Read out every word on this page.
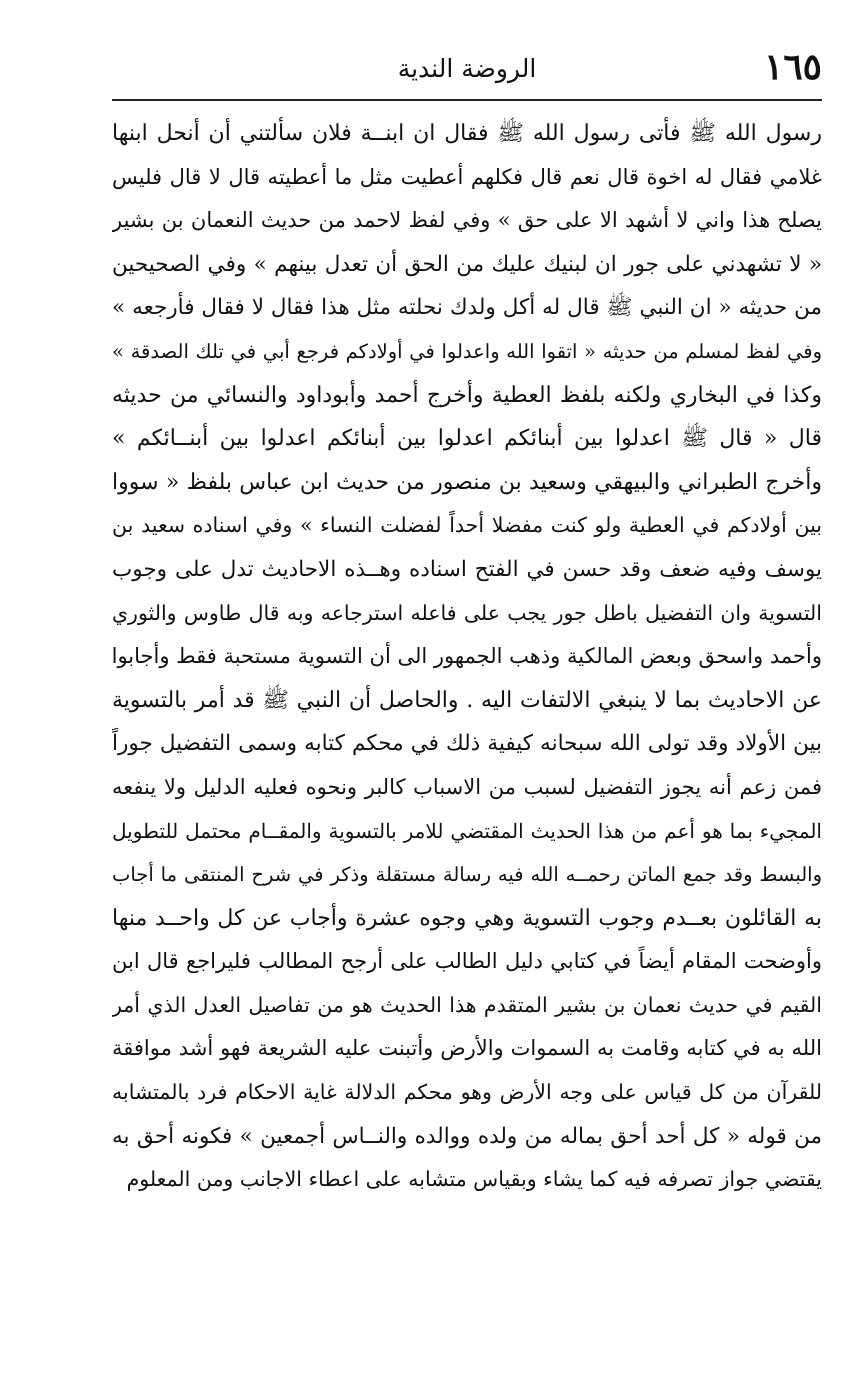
١٦٥
الروضة الندية
رسول الله ﷺ فأتى رسول الله ﷺ فقال ان ابنــة فلان سألتني أن أنحل ابنها
غلامي فقال له اخوة قال نعم قال فكلهم أعطيت مثل ما أعطيته قال لا قال فليس
يصلح هذا واني لا أشهد الا على حق » وفي لفظ لاحمد من حديث النعمان بن بشير
« لا تشهدني على جور ان لبنيك عليك من الحق أن تعدل بينهم » وفي الصحيحين
من حديثه « ان النبي ﷺ قال له أكل ولدك نحلته مثل هذا فقال لا فقال فأرجعه »
وفي لفظ لمسلم من حديثه « اتقوا الله واعدلوا في أولادكم فرجع أبي في تلك الصدقة »
وكذا في البخاري ولكنه بلفظ العطية وأخرج أحمد وأبوداود والنسائي من حديثه
قال « قال ﷺ اعدلوا بين أبنائكم اعدلوا بين أبنائكم اعدلوا بين أبنــائكم »
وأخرج الطبراني والبيهقي وسعيد بن منصور من حديث ابن عباس بلفظ « سووا
بين أولادكم في العطية ولو كنت مفضلا أحداً لفضلت النساء » وفي اسناده سعيد بن
يوسف وفيه ضعف وقد حسن في الفتح اسناده وهــذه الاحاديث تدل على وجوب
التسوية وان التفضيل باطل جور يجب على فاعله استرجاعه وبه قال طاوس والثوري
وأحمد واسحق وبعض المالكية وذهب الجمهور الى أن التسوية مستحبة فقط وأجابوا
عن الاحاديث بما لا ينبغي الالتفات اليه . والحاصل أن النبي ﷺ قد أمر بالتسوية
بين الأولاد وقد تولى الله سبحانه كيفية ذلك في محكم كتابه وسمى التفضيل جوراً
فمن زعم أنه يجوز التفضيل لسبب من الاسباب كالبر ونحوه فعليه الدليل ولا ينفعه
المجيء بما هو أعم من هذا الحديث المقتضي للامر بالتسوية والمقــام محتمل للتطويل
والبسط وقد جمع الماتن رحمــه الله فيه رسالة مستقلة وذكر في شرح المنتقى ما أجاب
به القائلون بعــدم وجوب التسوية وهي وجوه عشرة وأجاب عن كل واحــد منها
وأوضحت المقام أيضاً في كتابي دليل الطالب على أرجح المطالب فليراجع قال ابن
القيم في حديث نعمان بن بشير المتقدم هذا الحديث هو من تفاصيل العدل الذي أمر
الله به في كتابه وقامت به السموات والأرض وأتبنت عليه الشريعة فهو أشد موافقة
للقرآن من كل قياس على وجه الأرض وهو محكم الدلالة غاية الاحكام فرد بالمتشابه
من قوله « كل أحد أحق بماله من ولده ووالده والنــاس أجمعين » فكونه أحق به
يقتضي جواز تصرفه فيه كما يشاء وبقياس متشابه على اعطاء الاجانب ومن المعلوم
